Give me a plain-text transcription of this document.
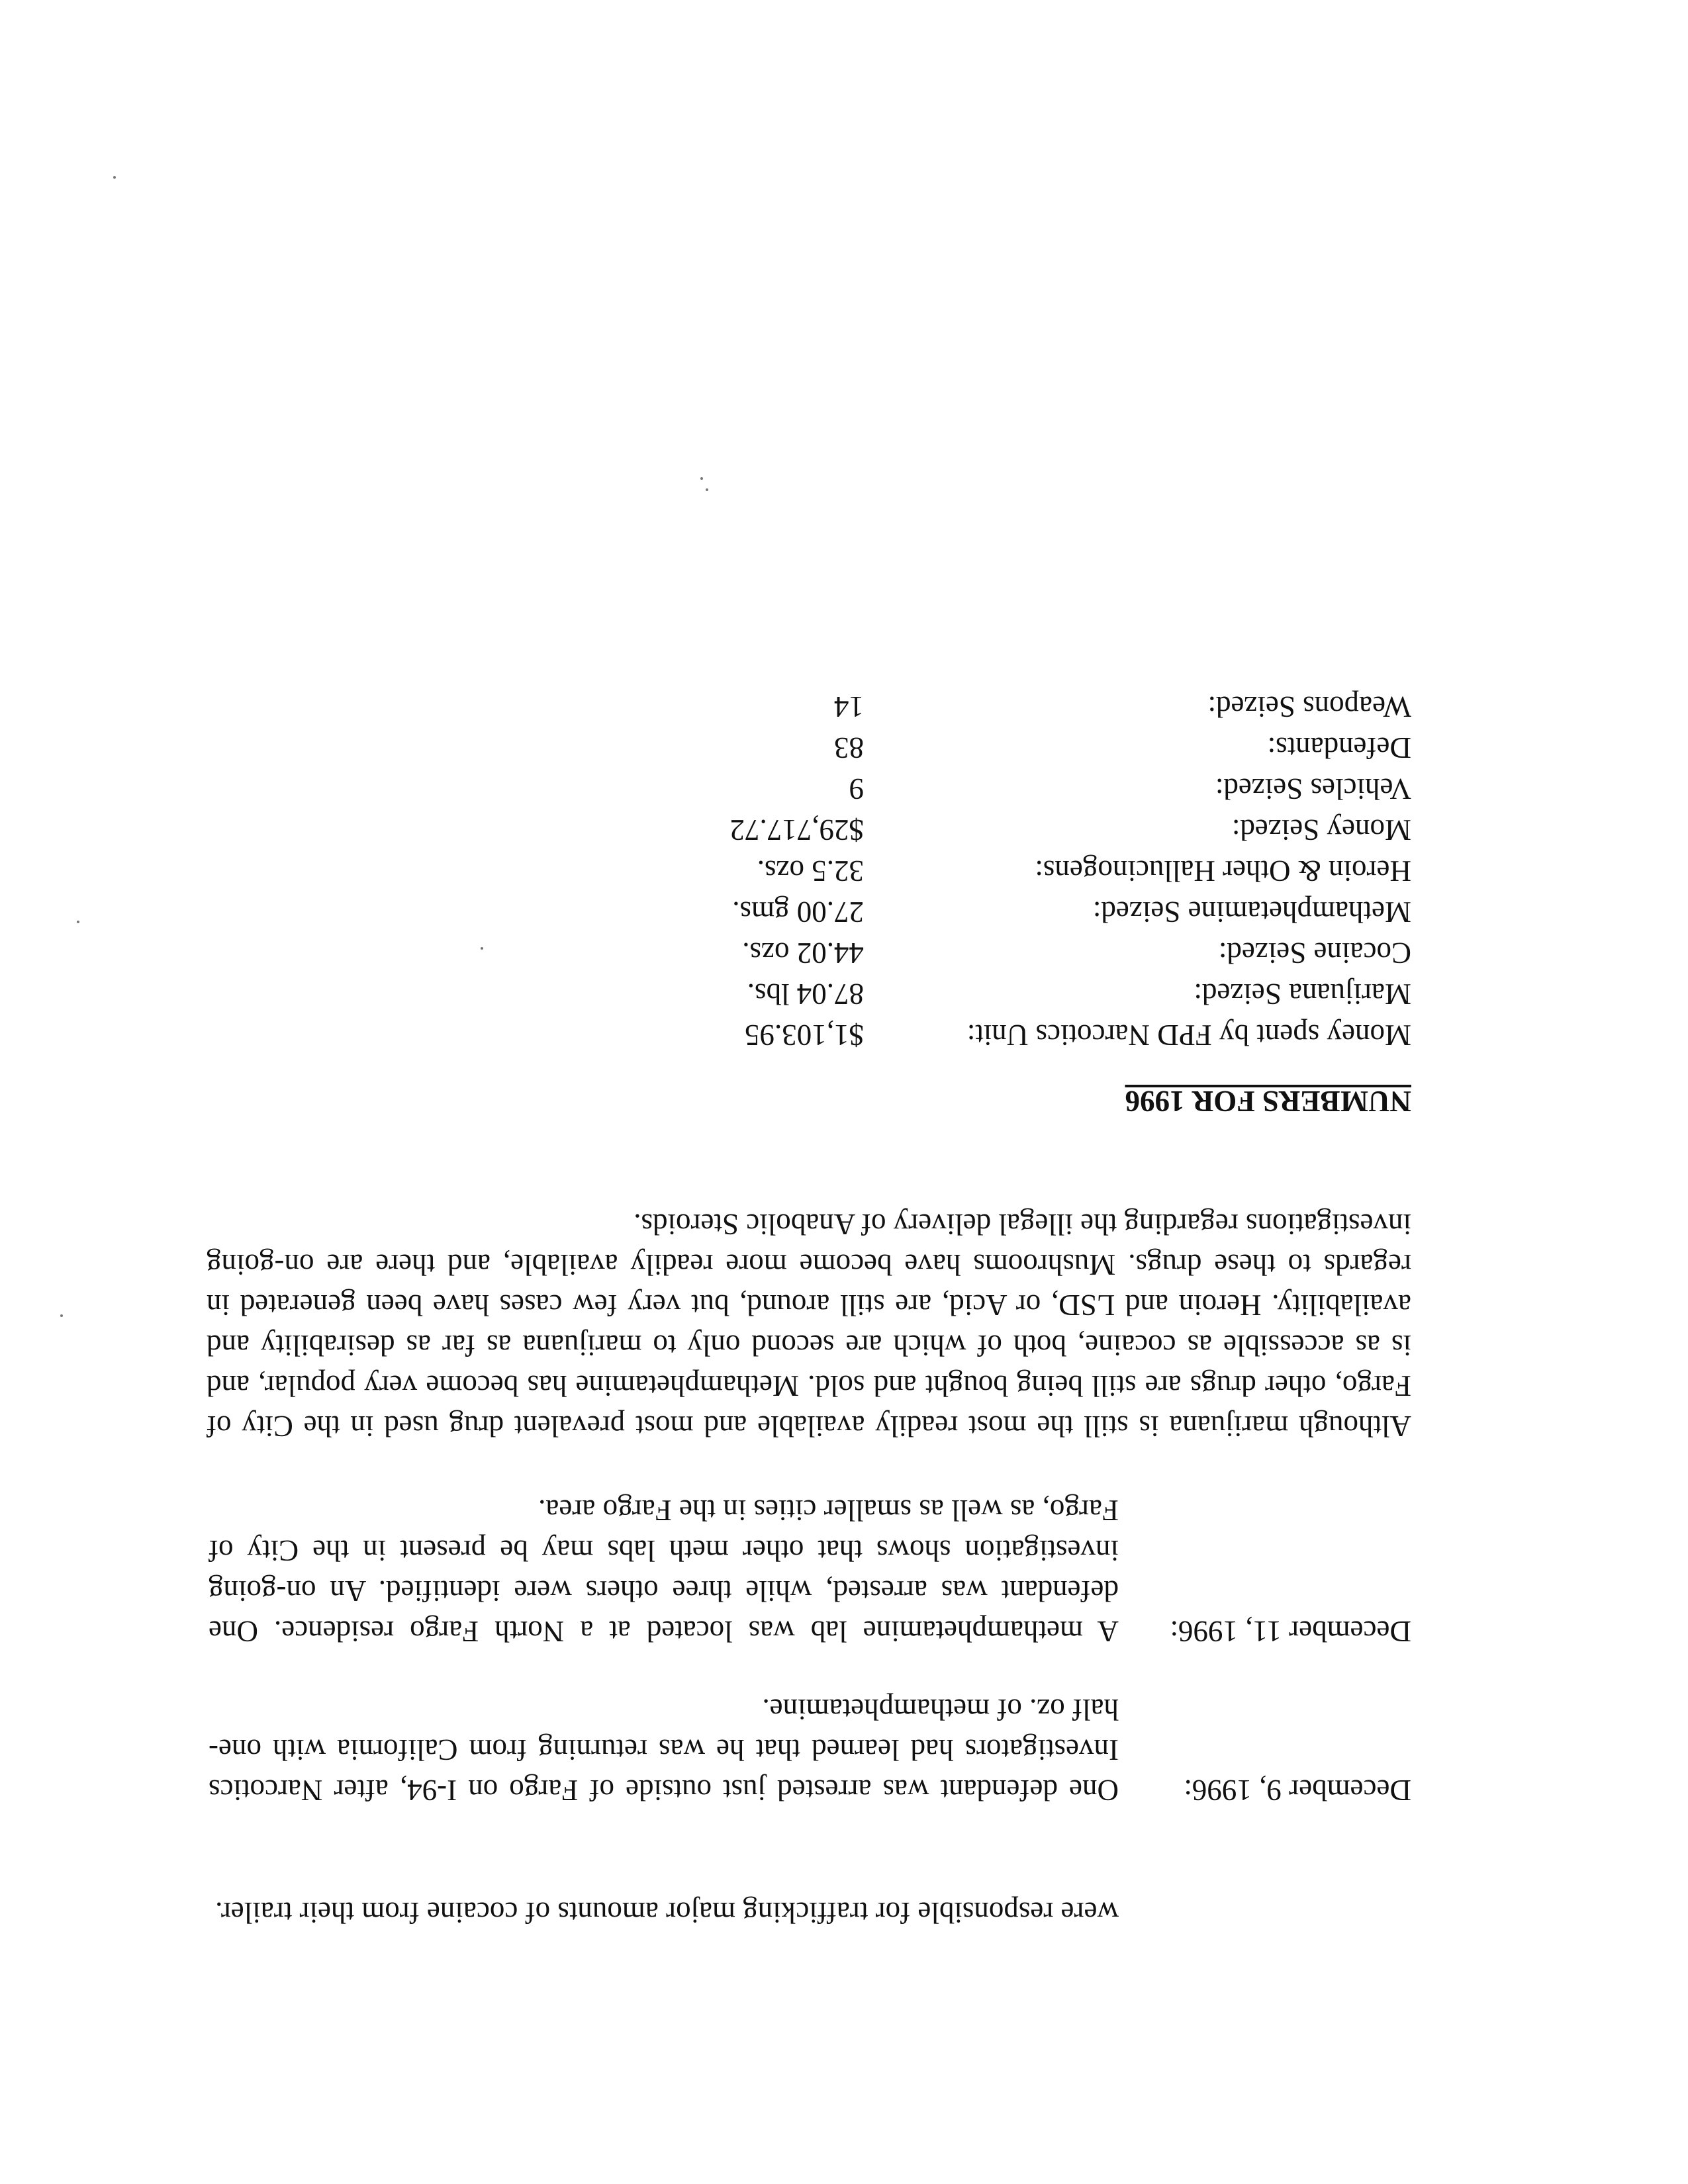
were responsible for trafficking major amounts of cocaine from their trailer.
December 9, 1996:
One defendant was arrested just outside of Fargo on I-94, after Narcotics Investigators had learned that he was returning from California with one-half oz. of methamphetamine.
December 11, 1996:
A methamphetamine lab was located at a North Fargo residence. One defendant was arrested, while three others were identified. An on-going investigation shows that other meth labs may be present in the City of Fargo, as well as smaller cities in the Fargo area.
Although marijuana is still the most readily available and most prevalent drug used in the City of Fargo, other drugs are still being bought and sold. Methamphetamine has become very popular, and is as accessible as cocaine, both of which are second only to marijuana as far as desirability and availability. Heroin and LSD, or Acid, are still around, but very few cases have been generated in regards to these drugs. Mushrooms have become more readily available, and there are on-going investigations regarding the illegal delivery of Anabolic Steroids.
NUMBERS FOR 1996
Money spent by FPD Narcotics Unit:
$1,103.95
Marijuana Seized:
87.04 lbs.
Cocaine Seized:
44.02 ozs.
Methamphetamine Seized:
27.00 gms.
Heroin & Other Hallucinogens:
32.5 ozs.
Money Seized:
$29,717.72
Vehicles Seized:
9
Defendants:
83
Weapons Seized:
14
